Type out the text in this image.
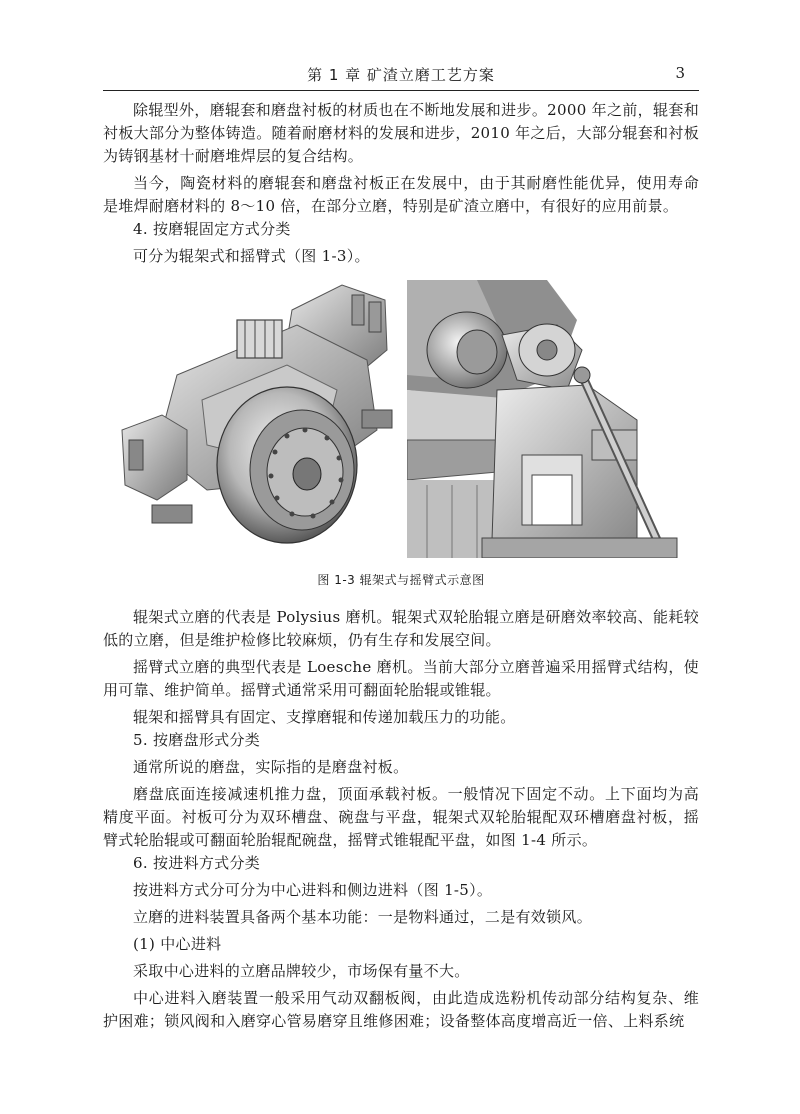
第 1 章 矿渣立磨工艺方案	3

除辊型外，磨辊套和磨盘衬板的材质也在不断地发展和进步。2000 年之前，辊套和衬板大部分为整体铸造。随着耐磨材料的发展和进步，2010 年之后，大部分辊套和衬板为铸钢基材十耐磨堆焊层的复合结构。

当今，陶瓷材料的磨辊套和磨盘衬板正在发展中，由于其耐磨性能优异，使用寿命是堆焊耐磨材料的 8～10 倍，在部分立磨，特别是矿渣立磨中，有很好的应用前景。

4. 按磨辊固定方式分类

可分为辊架式和摇臂式（图 1-3）。

图 1-3 辊架式与摇臂式示意图

辊架式立磨的代表是 Polysius 磨机。辊架式双轮胎辊立磨是研磨效率较高、能耗较低的立磨，但是维护检修比较麻烦，仍有生存和发展空间。

摇臂式立磨的典型代表是 Loesche 磨机。当前大部分立磨普遍采用摇臂式结构，使用可靠、维护简单。摇臂式通常采用可翻面轮胎辊或锥辊。

辊架和摇臂具有固定、支撑磨辊和传递加载压力的功能。

5. 按磨盘形式分类

通常所说的磨盘，实际指的是磨盘衬板。

磨盘底面连接减速机推力盘，顶面承载衬板。一般情况下固定不动。上下面均为高精度平面。衬板可分为双环槽盘、碗盘与平盘，辊架式双轮胎辊配双环槽磨盘衬板，摇臂式轮胎辊或可翻面轮胎辊配碗盘，摇臂式锥辊配平盘，如图 1-4 所示。

6. 按进料方式分类

按进料方式分可分为中心进料和侧边进料（图 1-5）。

立磨的进料装置具备两个基本功能：一是物料通过，二是有效锁风。

(1) 中心进料

采取中心进料的立磨品牌较少，市场保有量不大。

中心进料入磨装置一般采用气动双翻板阀，由此造成选粉机传动部分结构复杂、维护困难；锁风阀和入磨穿心管易磨穿且维修困难；设备整体高度增高近一倍、上料系统
